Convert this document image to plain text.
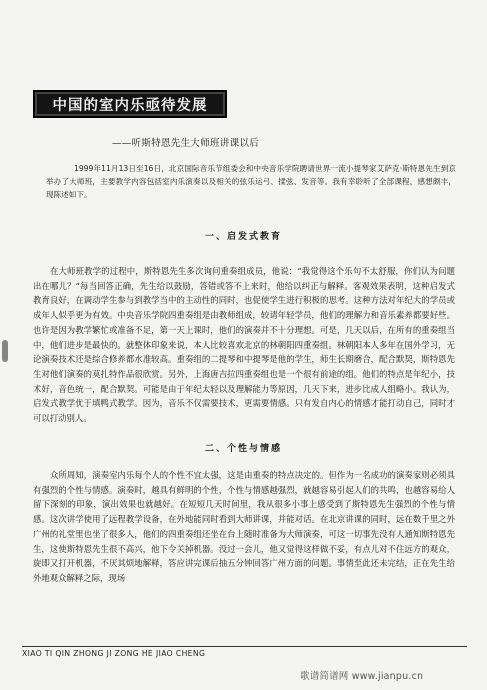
中国的室内乐亟待发展
——听斯特恩先生大师班讲课以后

1999年11月13日至16日，北京国际音乐节组委会和中央音乐学院聘请世界一流小提琴家艾萨克·斯特恩先生到京举办了大师班，主要教学内容包括室内乐演奏以及相关的弦乐运弓、揉弦、发音等。我有幸聆听了全部课程，感想颇丰，现陈述如下。

一、启发式教育

在大师班教学的过程中，斯特恩先生多次询问重奏组成员，他说：“我觉得这个乐句不太舒服，你们认为问题出在哪儿？”每当回答正确，先生给以鼓励，答错或答不上来时，他给以纠正与解释。客观效果表明，这种启发式教育良好，在调动学生参与到教学当中的主动性的同时，也促使学生进行积极的思考。这种方法对年纪大的学员或成年人似乎更为有效。中央音乐学院四重奏组是由教师组成，较请年轻学员，他们的理解力和音乐素养都要好些。也许是因为教学繁忙或准备不足，第一天上课时，他们的演奏并不十分理想。可是，几天以后，在所有的重奏组当中，他们进步是最快的。就整体印象来说，本人比较喜欢北京的林朝阳四重奏组。林朝阳本人多年在国外学习，无论演奏技术还是综合修养都水准较高。重奏组的二提琴和中提琴是他的学生，师生长期磨合，配合默契，斯特恩先生对他们演奏的莫扎特作品很欣赏。另外，上海唐吉拉四重奏组也是一个很有前途的组。他们的特点是年纪小，技术好，音色统一，配合默契。可能是由于年纪太轻以及理解能力等原因，几天下来，进步比成人组略小。我认为，启发式教学优于填鸭式教学。因为，音乐不仅需要技术，更需要情感。只有发自内心的情感才能打动自己，同时才可以打动别人。

二、个性与情感

众所周知，演奏室内乐每个人的个性不宜太强，这是由重奏的特点决定的。但作为一名成功的演奏家则必须具有强烈的个性与情感。演奏时，越具有鲜明的个性，个性与情感越强烈，就越容易引起人们的共鸣，也越容易给人留下深刻的印象，演出效果也就越好。在短短几天时间里，我从很多小事上感受到了斯特恩先生强烈的个性与情感。这次讲学使用了远程教学设备，在外地能同时看到大师讲课，并能对话。在北京讲课的同时，远在数千里之外广州的礼堂里也坐了很多人，他们的四重奏组还坐在台上随时准备为大师演奏，可这一切事先没有人通知斯特恩先生，这使斯特恩先生很不高兴，他下令关掉机器。没过一会儿，他又觉得这样做不妥，有点儿对不住远方的观众，旋即又打开机器，不厌其烦地解释，答应讲完课后抽五分钟回答广州方面的问题。事情至此还未完结，正在先生给外地观众解释之际，现场

XIAO TI QIN ZHONG JI ZONG HE JIAO CHENG
歌谱简谱网 www.jianpu.cn
